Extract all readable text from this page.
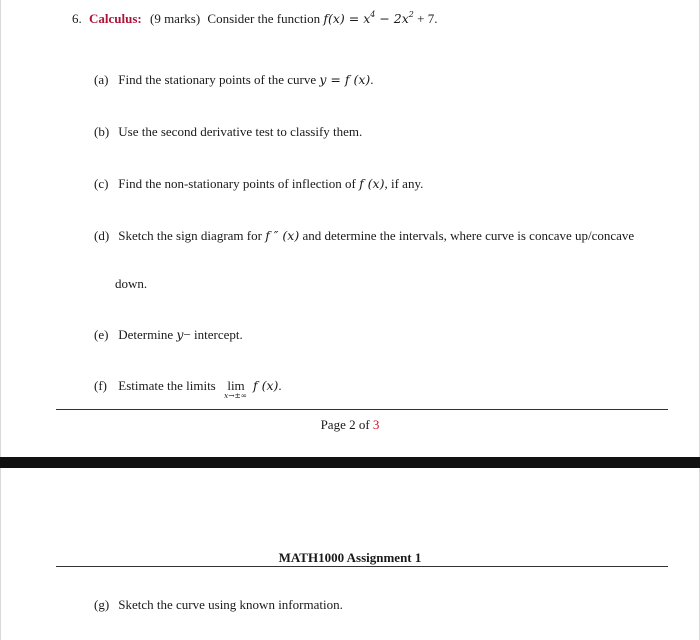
6. Calculus: (9 marks) Consider the function $f(x) = x^4 - 2x^2 + 7$.
(a) Find the stationary points of the curve y = f (x).
(b) Use the second derivative test to classify them.
(c) Find the non-stationary points of inflection of f (x), if any.
(d) Sketch the sign diagram for f ″ (x) and determine the intervals, where curve is concave up/concave
down.
(e) Determine y− intercept.
(f) Estimate the limits lim
x→±∞
f (x).
Page 2 of 3
MATH1000 Assignment 1
(g) Sketch the curve using known information.
